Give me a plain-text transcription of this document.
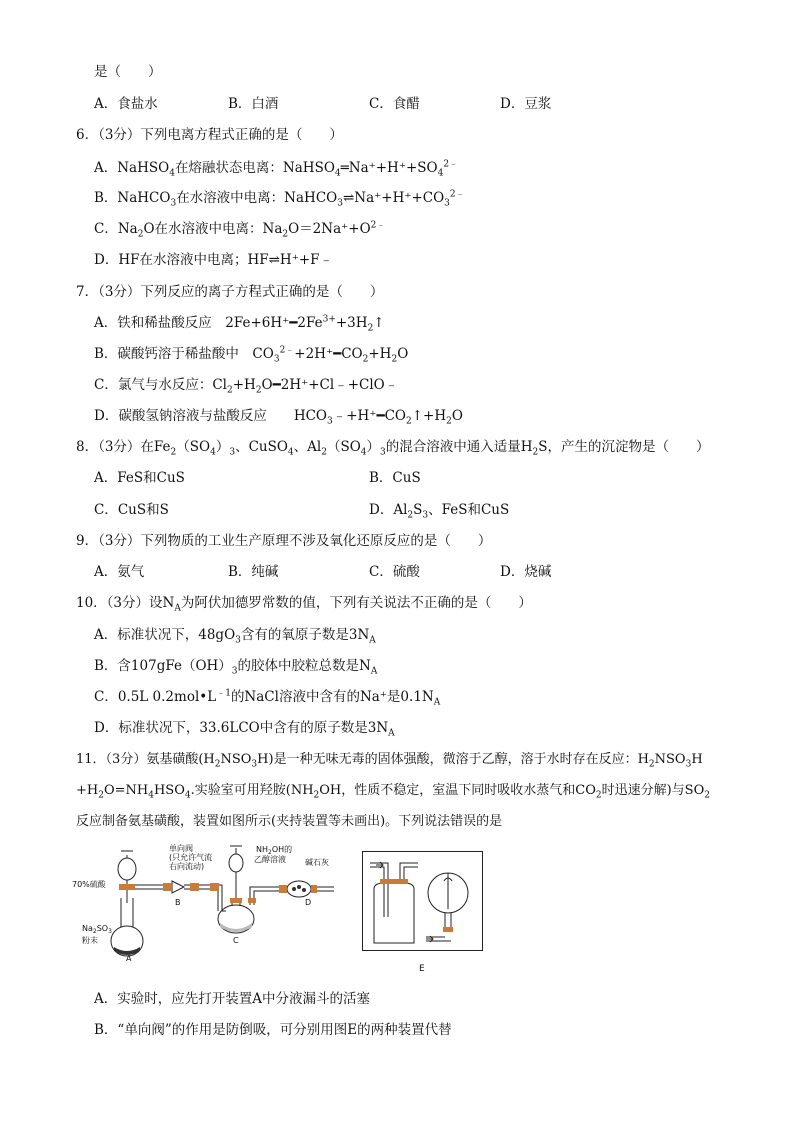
是（　　）
A．食盐水	B．白酒	C．食醋	D．豆浆
6．（3分）下列电离方程式正确的是（　　）
A．NaHSO$_4$在熔融状态电离：$NaHSO_4═Na^++H^++SO_4^{2﹣}$
B．NaHCO$_3$在水溶液中电离：$NaHCO_3\rightleftharpoons Na^++H^++CO_3^{2﹣}$
C．$Na_2O$在水溶液中电离：$Na_2O=2Na^++O^{2﹣}$
D．HF在水溶液中电离；HF⇌H⁺+F﹣
7．（3分）下列反应的离子方程式正确的是（　　）
A．铁和稀盐酸反应　$2Fe+6H^+━2Fe^{3+}+3H_2↑$
B．碳酸钙溶于稀盐酸中　$CO_3^{2﹣}+2H^+━CO_2+H_2O$
C．氯气与水反应：$Cl_2+H_2O━2H^++Cl﹣+ClO﹣$
D．碳酸氢钠溶液与盐酸反应　　$HCO_3﹣+H^+━CO_2↑+H_2O$
8．（3分）在$Fe_2(SO_4)_3$、CuSO$_4$、$Al_2(SO_4)_3$的混合溶液中通入适量$H_2S$，产生的沉淀物是（　　）
A．FeS和CuS	B．CuS
C．CuS和S	D．$Al_2S_3$、FeS和CuS
9．（3分）下列物质的工业生产原理不涉及氧化还原反应的是（　　）
A．氨气	B．纯碱	C．硫酸	D．烧碱
10．（3分）设$N_A$为阿伏加德罗常数的值，下列有关说法不正确的是（　　）
A．标准状况下，$48gO_3$含有的氧原子数是$3N_A$
B．含$107gFe(OH)_3$的胶体中胶粒总数是$N_A$
C．0.5L $0.2mol•L^{﹣1}$的NaCl溶液中含有的Na⁺是$0.1N_A$
D．标准状况下，33.6LCO中含有的原子数是$3N_A$
11．（3分）氨基磺酸$(H_2NSO_3H)$是一种无味无毒的固体强酸，微溶于乙醇，溶于水时存在反应：$H_2NSO_3H$
$+H_2O=NH_4HSO_4$.实验室可用羟胺($NH_2OH$，性质不稳定，室温下同时吸收水蒸气和$CO_2$时迅速分解)与$SO_2$
反应制备氨基磺酸，装置如图所示(夹持装置等未画出)。下列说法错误的是
70%硫酸
单向阀
(只允许气流
右向流动)
$NH_2OH$的
乙醇溶液 碱石灰
$Na_2SO_3$
粉末
A
B
C
D
E
A．实验时，应先打开装置A中分液漏斗的活塞
B．“单向阀”的作用是防倒吸，可分别用图E的两种装置代替
